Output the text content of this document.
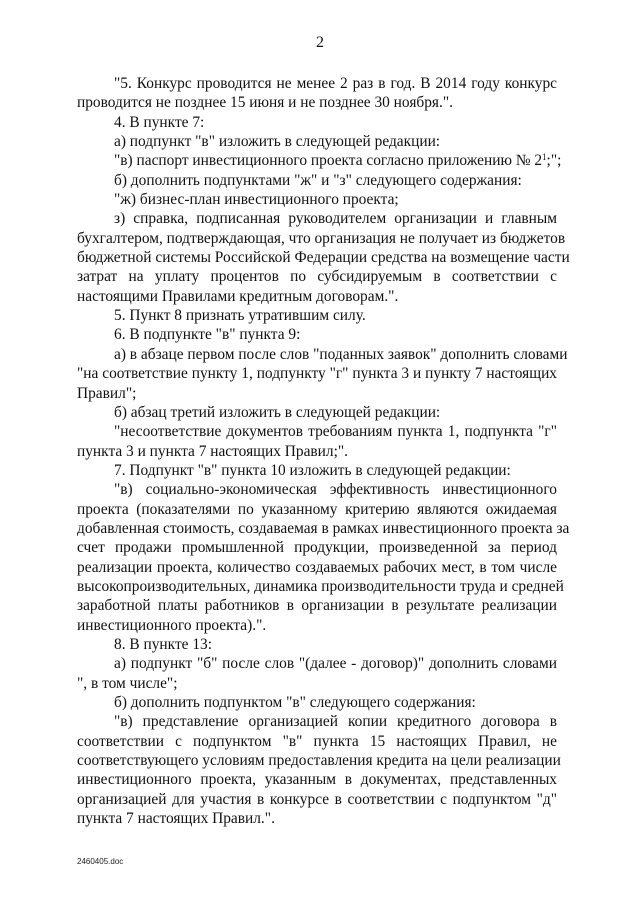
2
"5. Конкурс проводится не менее 2 раз в год. В 2014 году конкурс
проводится не позднее 15 июня и не позднее 30 ноября.".
4. В пункте 7:
а) подпункт "в" изложить в следующей редакции:
"в) паспорт инвестиционного проекта согласно приложению № $2^1$;";
б) дополнить подпунктами "ж" и "з" следующего содержания:
"ж) бизнес-план инвестиционного проекта;
з) справка, подписанная руководителем организации и главным
бухгалтером, подтверждающая, что организация не получает из бюджетов
бюджетной системы Российской Федерации средства на возмещение части
затрат на уплату процентов по субсидируемым в соответствии с
настоящими Правилами кредитным договорам.".
5. Пункт 8 признать утратившим силу.
6. В подпункте "в" пункта 9:
а) в абзаце первом после слов "поданных заявок" дополнить словами
"на соответствие пункту 1, подпункту "г" пункта 3 и пункту 7 настоящих
Правил";
б) абзац третий изложить в следующей редакции:
"несоответствие документов требованиям пункта 1, подпункта "г"
пункта 3 и пункта 7 настоящих Правил;".
7. Подпункт "в" пункта 10 изложить в следующей редакции:
"в) социально-экономическая эффективность инвестиционного
проекта (показателями по указанному критерию являются ожидаемая
добавленная стоимость, создаваемая в рамках инвестиционного проекта за
счет продажи промышленной продукции, произведенной за период
реализации проекта, количество создаваемых рабочих мест, в том числе
высокопроизводительных, динамика производительности труда и средней
заработной платы работников в организации в результате реализации
инвестиционного проекта).".
8. В пункте 13:
а) подпункт "б" после слов "(далее - договор)" дополнить словами
", в том числе";
б) дополнить подпунктом "в" следующего содержания:
"в) представление организацией копии кредитного договора в
соответствии с подпунктом "в" пункта 15 настоящих Правил, не
соответствующего условиям предоставления кредита на цели реализации
инвестиционного проекта, указанным в документах, представленных
организацией для участия в конкурсе в соответствии с подпунктом "д"
пункта 7 настоящих Правил.".
2460405.doc
